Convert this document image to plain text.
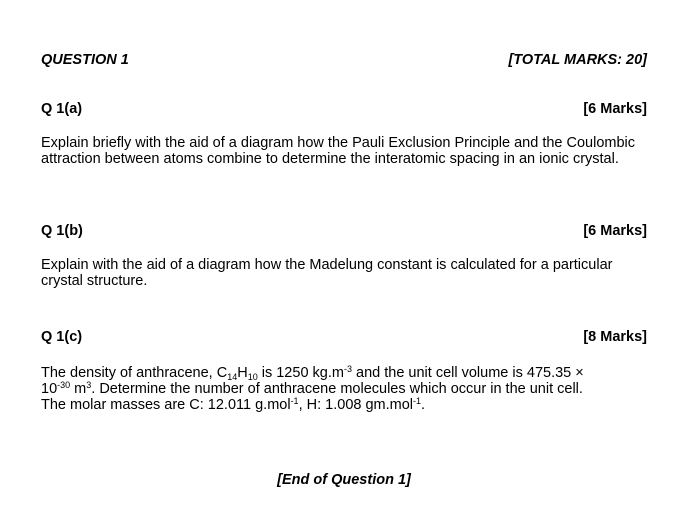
QUESTION 1	[TOTAL MARKS: 20]
Q 1(a)	[6 Marks]

Explain briefly with the aid of a diagram how the Pauli Exclusion Principle and the Coulombic attraction between atoms combine to determine the interatomic spacing in an ionic crystal.

Q 1(b)	[6 Marks]

Explain with the aid of a diagram how the Madelung constant is calculated for a particular crystal structure.

Q 1(c)	[8 Marks]

The density of anthracene, $C_{14}H_{10}$ is 1250 $kg.m^{-3}$ and the unit cell volume is 475.35 ×
$10^{-30}$ $m^3$. Determine the number of anthracene molecules which occur in the unit cell.
The molar masses are C: 12.011 g.mol$^{-1}$, H: 1.008 gm.mol$^{-1}$.

[End of Question 1]
